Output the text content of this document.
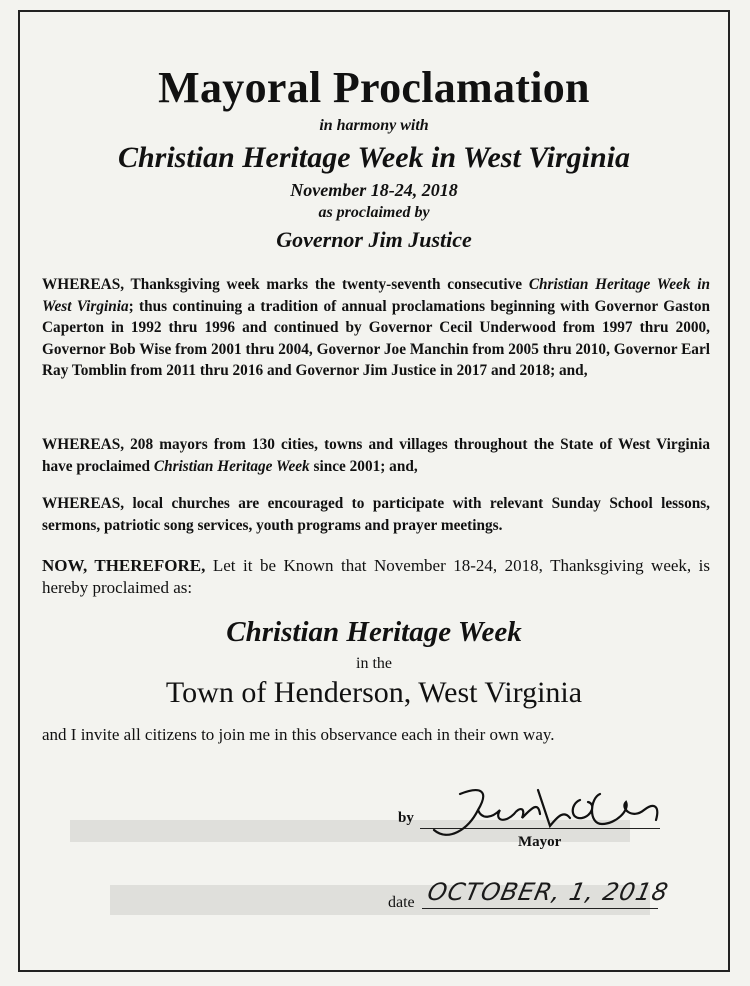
Mayoral Proclamation

in harmony with

Christian Heritage Week in West Virginia

November 18-24, 2018

as proclaimed by

Governor Jim Justice

WHEREAS, Thanksgiving week marks the twenty-seventh consecutive Christian Heritage Week in West Virginia; thus continuing a tradition of annual proclamations beginning with Governor Gaston Caperton in 1992 thru 1996 and continued by Governor Cecil Underwood from 1997 thru 2000, Governor Bob Wise from 2001 thru 2004, Governor Joe Manchin from 2005 thru 2010, Governor Earl Ray Tomblin from 2011 thru 2016 and Governor Jim Justice in 2017 and 2018; and,

WHEREAS, 208 mayors from 130 cities, towns and villages throughout the State of West Virginia have proclaimed Christian Heritage Week since 2001; and,

WHEREAS, local churches are encouraged to participate with relevant Sunday School lessons, sermons, patriotic song services, youth programs and prayer meetings.

NOW, THEREFORE, Let it be Known that November 18-24, 2018, Thanksgiving week, is hereby proclaimed as:

Christian Heritage Week

in the

Town of Henderson, West Virginia

and I invite all citizens to join me in this observance each in their own way.

by
Mayor
date OCTOBER, 1, 2018
